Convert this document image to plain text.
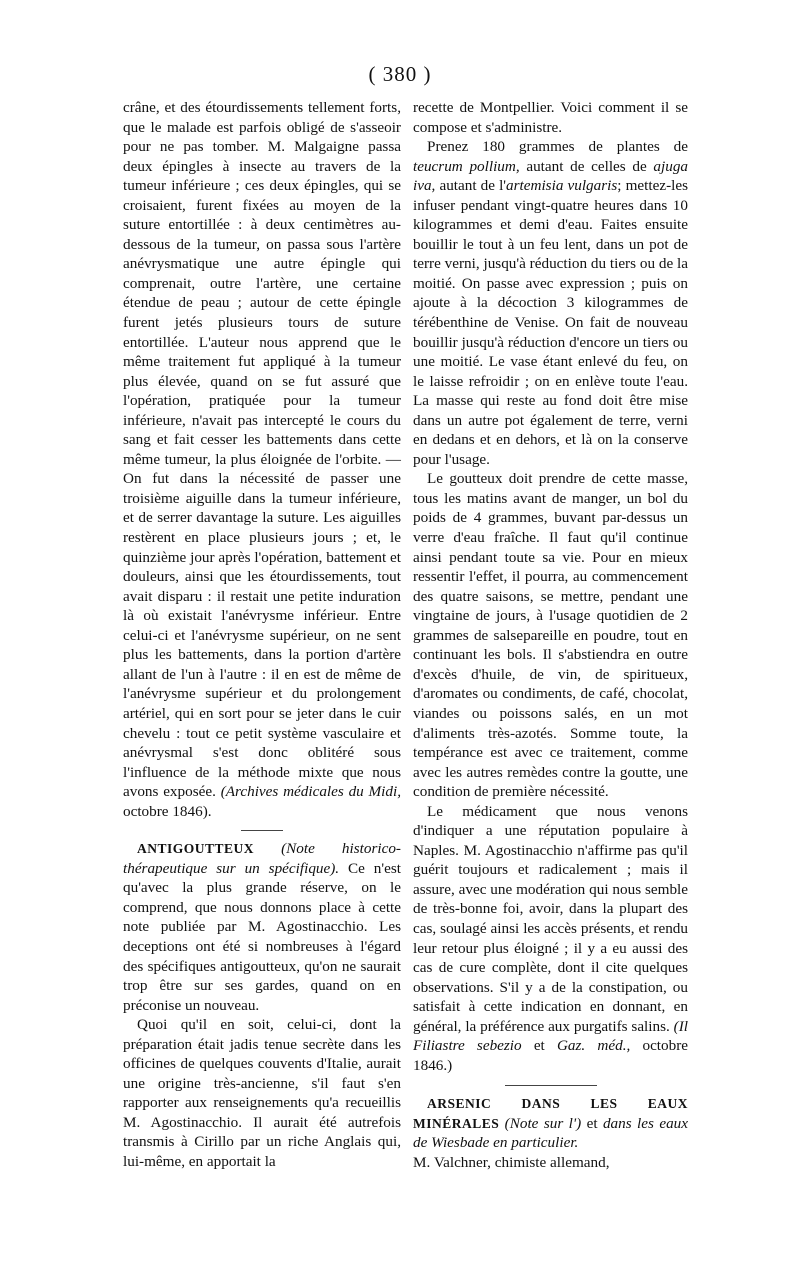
( 380 )

crâne, et des étourdissements tellement forts, que le malade est parfois obligé de s'asseoir pour ne pas tomber. M. Malgaigne passa deux épingles à insecte au travers de la tumeur inférieure ; ces deux épingles, qui se croisaient, furent fixées au moyen de la suture entortillée : à deux centimètres au-dessous de la tumeur, on passa sous l'artère anévrysmatique une autre épingle qui comprenait, outre l'artère, une certaine étendue de peau ; autour de cette épingle furent jetés plusieurs tours de suture entortillée. L'auteur nous apprend que le même traitement fut appliqué à la tumeur plus élevée, quand on se fut assuré que l'opération, pratiquée pour la tumeur inférieure, n'avait pas intercepté le cours du sang et fait cesser les battements dans cette même tumeur, la plus éloignée de l'orbite. — On fut dans la nécessité de passer une troisième aiguille dans la tumeur inférieure, et de serrer davantage la suture. Les aiguilles restèrent en place plusieurs jours ; et, le quinzième jour après l'opération, battement et douleurs, ainsi que les étourdissements, tout avait disparu : il restait une petite induration là où existait l'anévrysme inférieur. Entre celui-ci et l'anévrysme supérieur, on ne sent plus les battements, dans la portion d'artère allant de l'un à l'autre : il en est de même de l'anévrysme supérieur et du prolongement artériel, qui en sort pour se jeter dans le cuir chevelu : tout ce petit système vasculaire et anévrysmal s'est donc oblitéré sous l'influence de la méthode mixte que nous avons exposée. (Archives médicales du Midi, octobre 1846).

ANTIGOUTTEUX (Note historico-thérapeutique sur un spécifique). Ce n'est qu'avec la plus grande réserve, on le comprend, que nous donnons place à cette note publiée par M. Agostinacchio. Les deceptions ont été si nombreuses à l'égard des spécifiques antigoutteux, qu'on ne saurait trop être sur ses gardes, quand on en préconise un nouveau.

Quoi qu'il en soit, celui-ci, dont la préparation était jadis tenue secrète dans les officines de quelques couvents d'Italie, aurait une origine très-ancienne, s'il faut s'en rapporter aux renseignements qu'a recueillis M. Agostinacchio. Il aurait été autrefois transmis à Cirillo par un riche Anglais qui, lui-même, en apportait la

recette de Montpellier. Voici comment il se compose et s'administre.

Prenez 180 grammes de plantes de teucrum pollium, autant de celles de ajuga iva, autant de l'artemisia vulgaris; mettez-les infuser pendant vingt-quatre heures dans 10 kilogrammes et demi d'eau. Faites ensuite bouillir le tout à un feu lent, dans un pot de terre verni, jusqu'à réduction du tiers ou de la moitié. On passe avec expression ; puis on ajoute à la décoction 3 kilogrammes de térébenthine de Venise. On fait de nouveau bouillir jusqu'à réduction d'encore un tiers ou une moitié. Le vase étant enlevé du feu, on le laisse refroidir ; on en enlève toute l'eau. La masse qui reste au fond doit être mise dans un autre pot également de terre, verni en dedans et en dehors, et là on la conserve pour l'usage.

Le goutteux doit prendre de cette masse, tous les matins avant de manger, un bol du poids de 4 grammes, buvant par-dessus un verre d'eau fraîche. Il faut qu'il continue ainsi pendant toute sa vie. Pour en mieux ressentir l'effet, il pourra, au commencement des quatre saisons, se mettre, pendant une vingtaine de jours, à l'usage quotidien de 2 grammes de salsepareille en poudre, tout en continuant les bols. Il s'abstiendra en outre d'excès d'huile, de vin, de spiritueux, d'aromates ou condiments, de café, chocolat, viandes ou poissons salés, en un mot d'aliments très-azotés. Somme toute, la tempérance est avec ce traitement, comme avec les autres remèdes contre la goutte, une condition de première nécessité.

Le médicament que nous venons d'indiquer a une réputation populaire à Naples. M. Agostinacchio n'affirme pas qu'il guérit toujours et radicalement ; mais il assure, avec une modération qui nous semble de très-bonne foi, avoir, dans la plupart des cas, soulagé ainsi les accès présents, et rendu leur retour plus éloigné ; il y a eu aussi des cas de cure complète, dont il cite quelques observations. S'il y a de la constipation, ou satisfait à cette indication en donnant, en général, la préférence aux purgatifs salins. (Il Filiastre sebezio et Gaz. méd., octobre 1846.)

ARSENIC DANS LES EAUX MINÉRALES (Note sur l') et dans les eaux de Wiesbade en particulier.

M. Valchner, chimiste allemand,
